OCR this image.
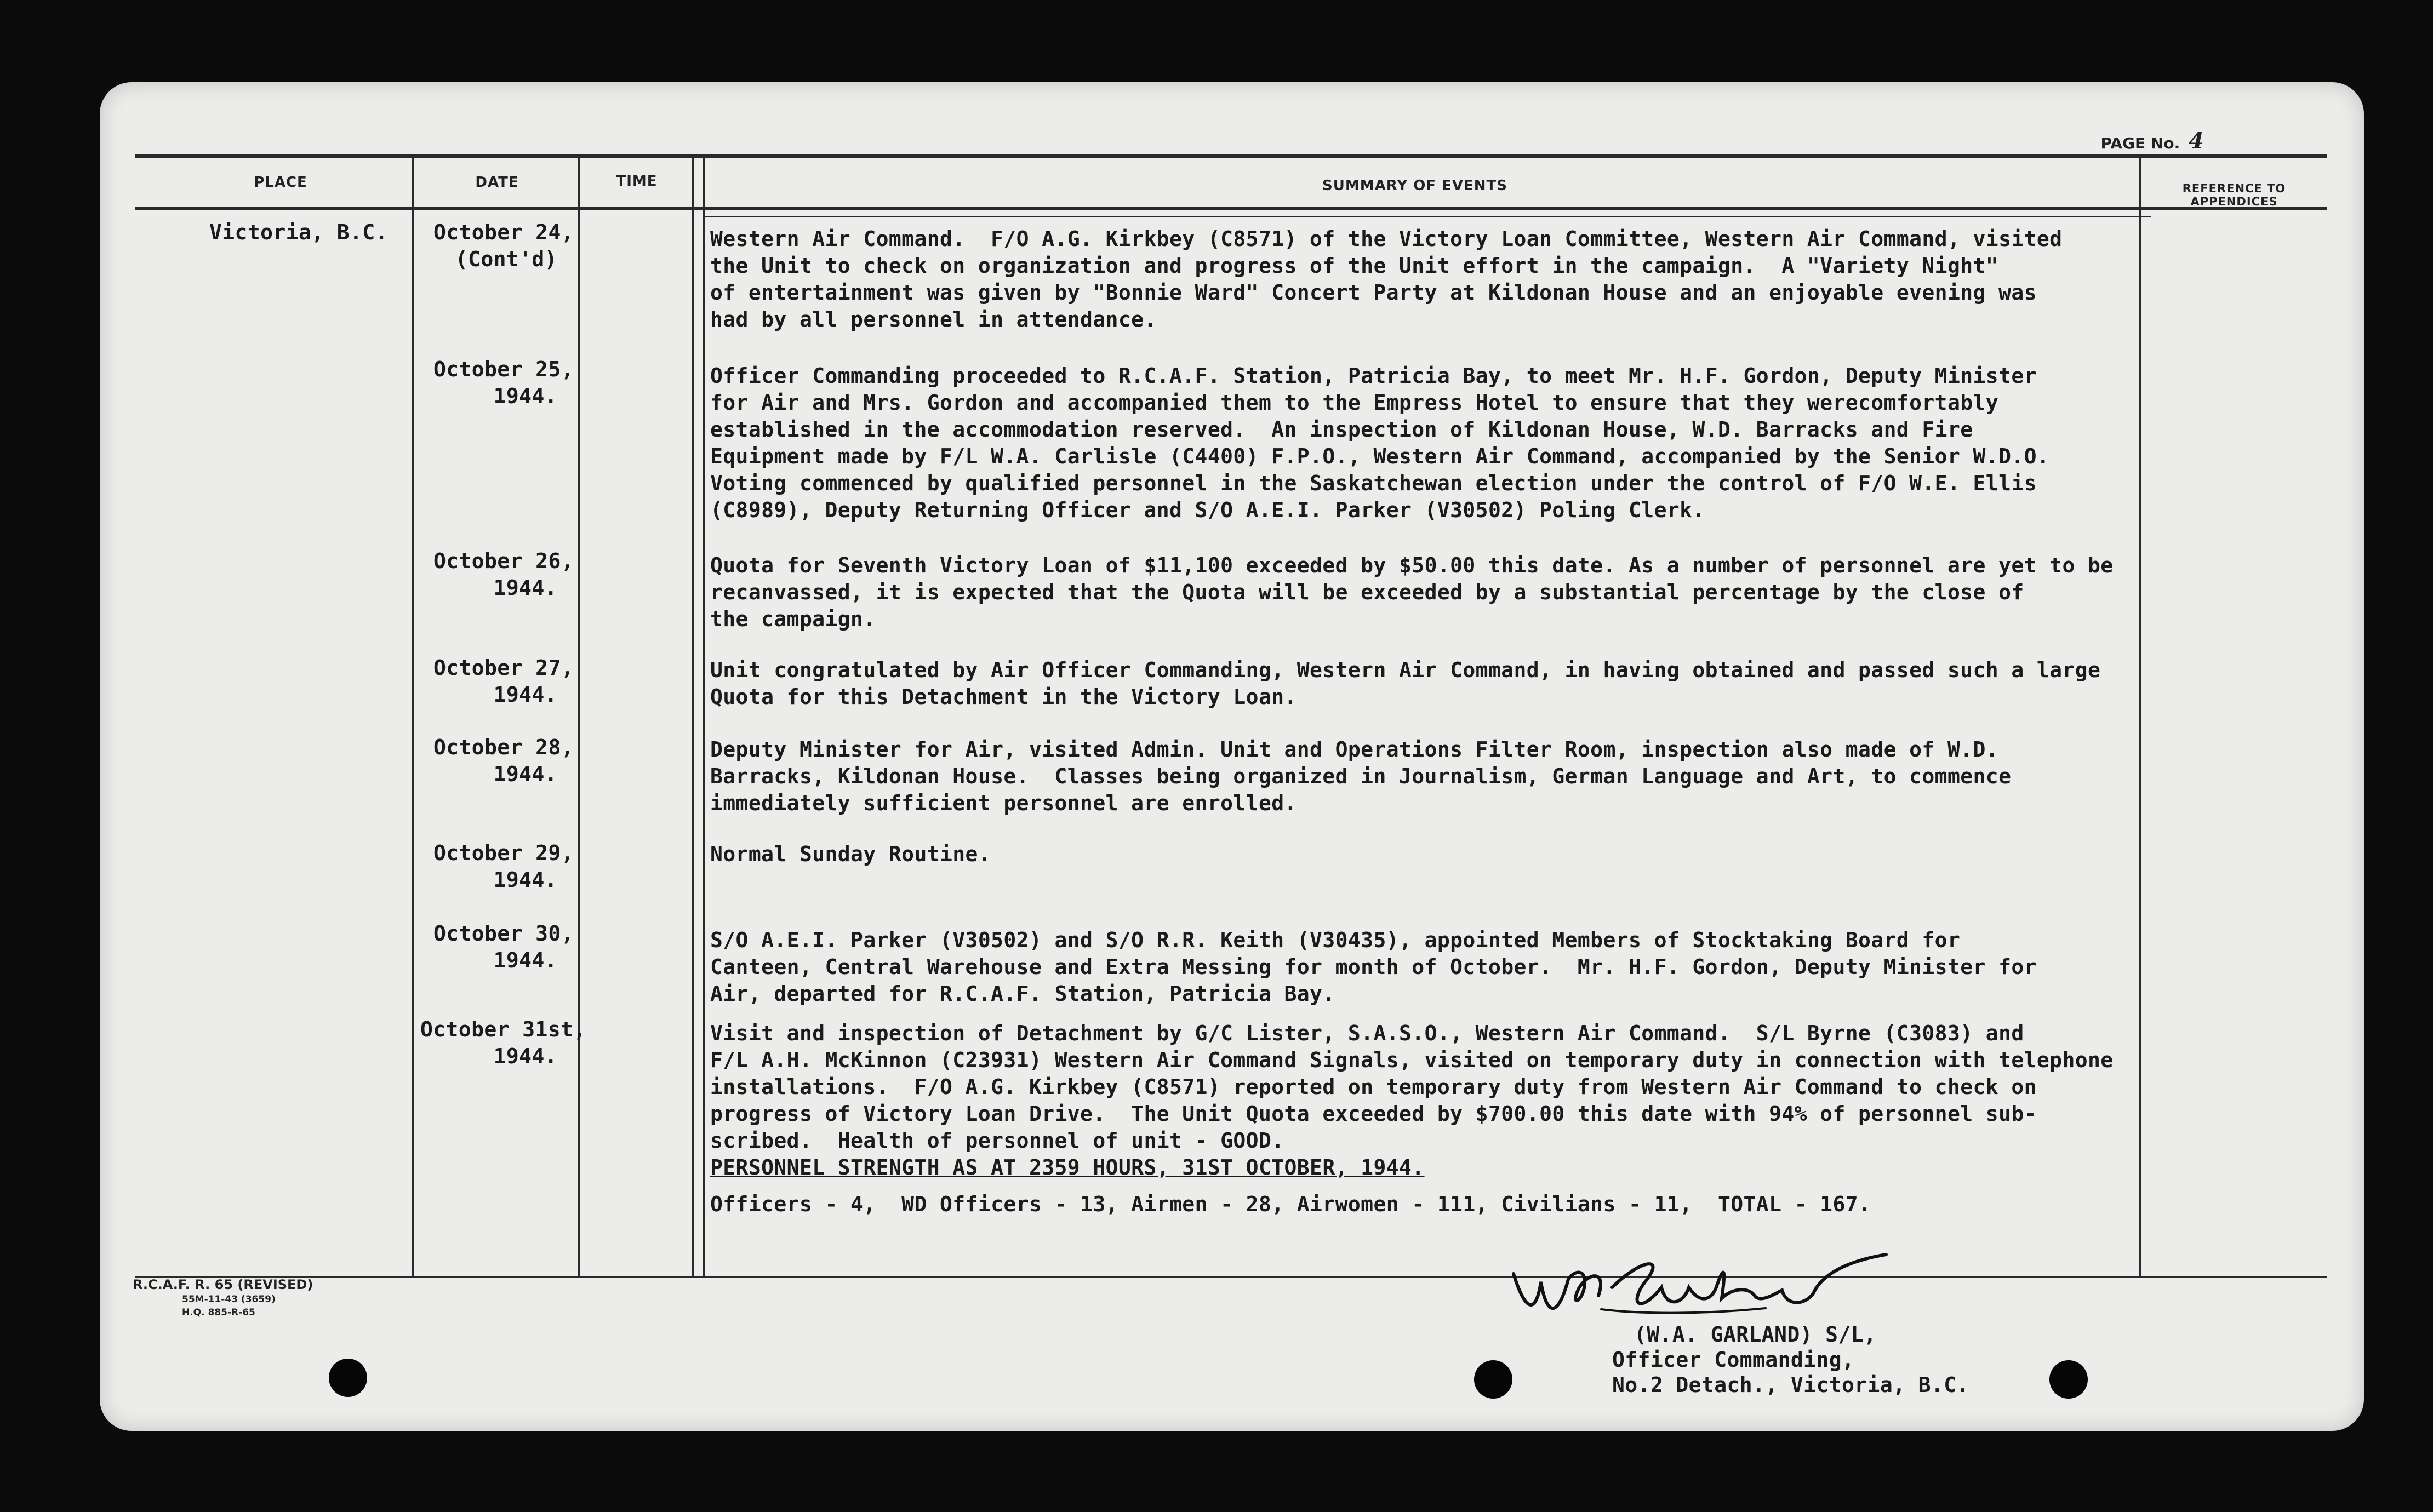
PAGE No. 4
PLACE	DATE	TIME	SUMMARY OF EVENTS	REFERENCE TO
APPENDICES
Victoria, B.C.	October 24,
(Cont'd)
Western Air Command.  F/O A.G. Kirkbey (C8571) of the Victory Loan Committee, Western Air Command, visited
the Unit to check on organization and progress of the Unit effort in the campaign.  A "Variety Night"
of entertainment was given by "Bonnie Ward" Concert Party at Kildonan House and an enjoyable evening was
had by all personnel in attendance.
October 25,
1944.
Officer Commanding proceeded to R.C.A.F. Station, Patricia Bay, to meet Mr. H.F. Gordon, Deputy Minister
for Air and Mrs. Gordon and accompanied them to the Empress Hotel to ensure that they werecomfortably
established in the accommodation reserved.  An inspection of Kildonan House, W.D. Barracks and Fire
Equipment made by F/L W.A. Carlisle (C4400) F.P.O., Western Air Command, accompanied by the Senior W.D.O.
Voting commenced by qualified personnel in the Saskatchewan election under the control of F/O W.E. Ellis
(C8989), Deputy Returning Officer and S/O A.E.I. Parker (V30502) Poling Clerk.
October 26,
1944.
Quota for Seventh Victory Loan of $11,100 exceeded by $50.00 this date. As a number of personnel are yet to be
recanvassed, it is expected that the Quota will be exceeded by a substantial percentage by the close of
the campaign.
October 27,
1944.
Unit congratulated by Air Officer Commanding, Western Air Command, in having obtained and passed such a large
Quota for this Detachment in the Victory Loan.
October 28,
1944.
Deputy Minister for Air, visited Admin. Unit and Operations Filter Room, inspection also made of W.D.
Barracks, Kildonan House.  Classes being organized in Journalism, German Language and Art, to commence
immediately sufficient personnel are enrolled.
October 29,
1944.
Normal Sunday Routine.
October 30,
1944.
S/O A.E.I. Parker (V30502) and S/O R.R. Keith (V30435), appointed Members of Stocktaking Board for
Canteen, Central Warehouse and Extra Messing for month of October.  Mr. H.F. Gordon, Deputy Minister for
Air, departed for R.C.A.F. Station, Patricia Bay.
October 31st,
1944.
Visit and inspection of Detachment by G/C Lister, S.A.S.O., Western Air Command.  S/L Byrne (C3083) and
F/L A.H. McKinnon (C23931) Western Air Command Signals, visited on temporary duty in connection with telephone
installations.  F/O A.G. Kirkbey (C8571) reported on temporary duty from Western Air Command to check on
progress of Victory Loan Drive.  The Unit Quota exceeded by $700.00 this date with 94% of personnel sub-
scribed.  Health of personnel of unit - GOOD.
PERSONNEL STRENGTH AS AT 2359 HOURS, 31ST OCTOBER, 1944.
Officers - 4,  WD Officers - 13, Airmen - 28, Airwomen - 111, Civilians - 11,  TOTAL - 167.
R.C.A.F. R. 65 (REVISED)
55M-11-43 (3659)
H.Q. 885-R-65
(W.A. GARLAND) S/L,
Officer Commanding,
No.2 Detach., Victoria, B.C.
